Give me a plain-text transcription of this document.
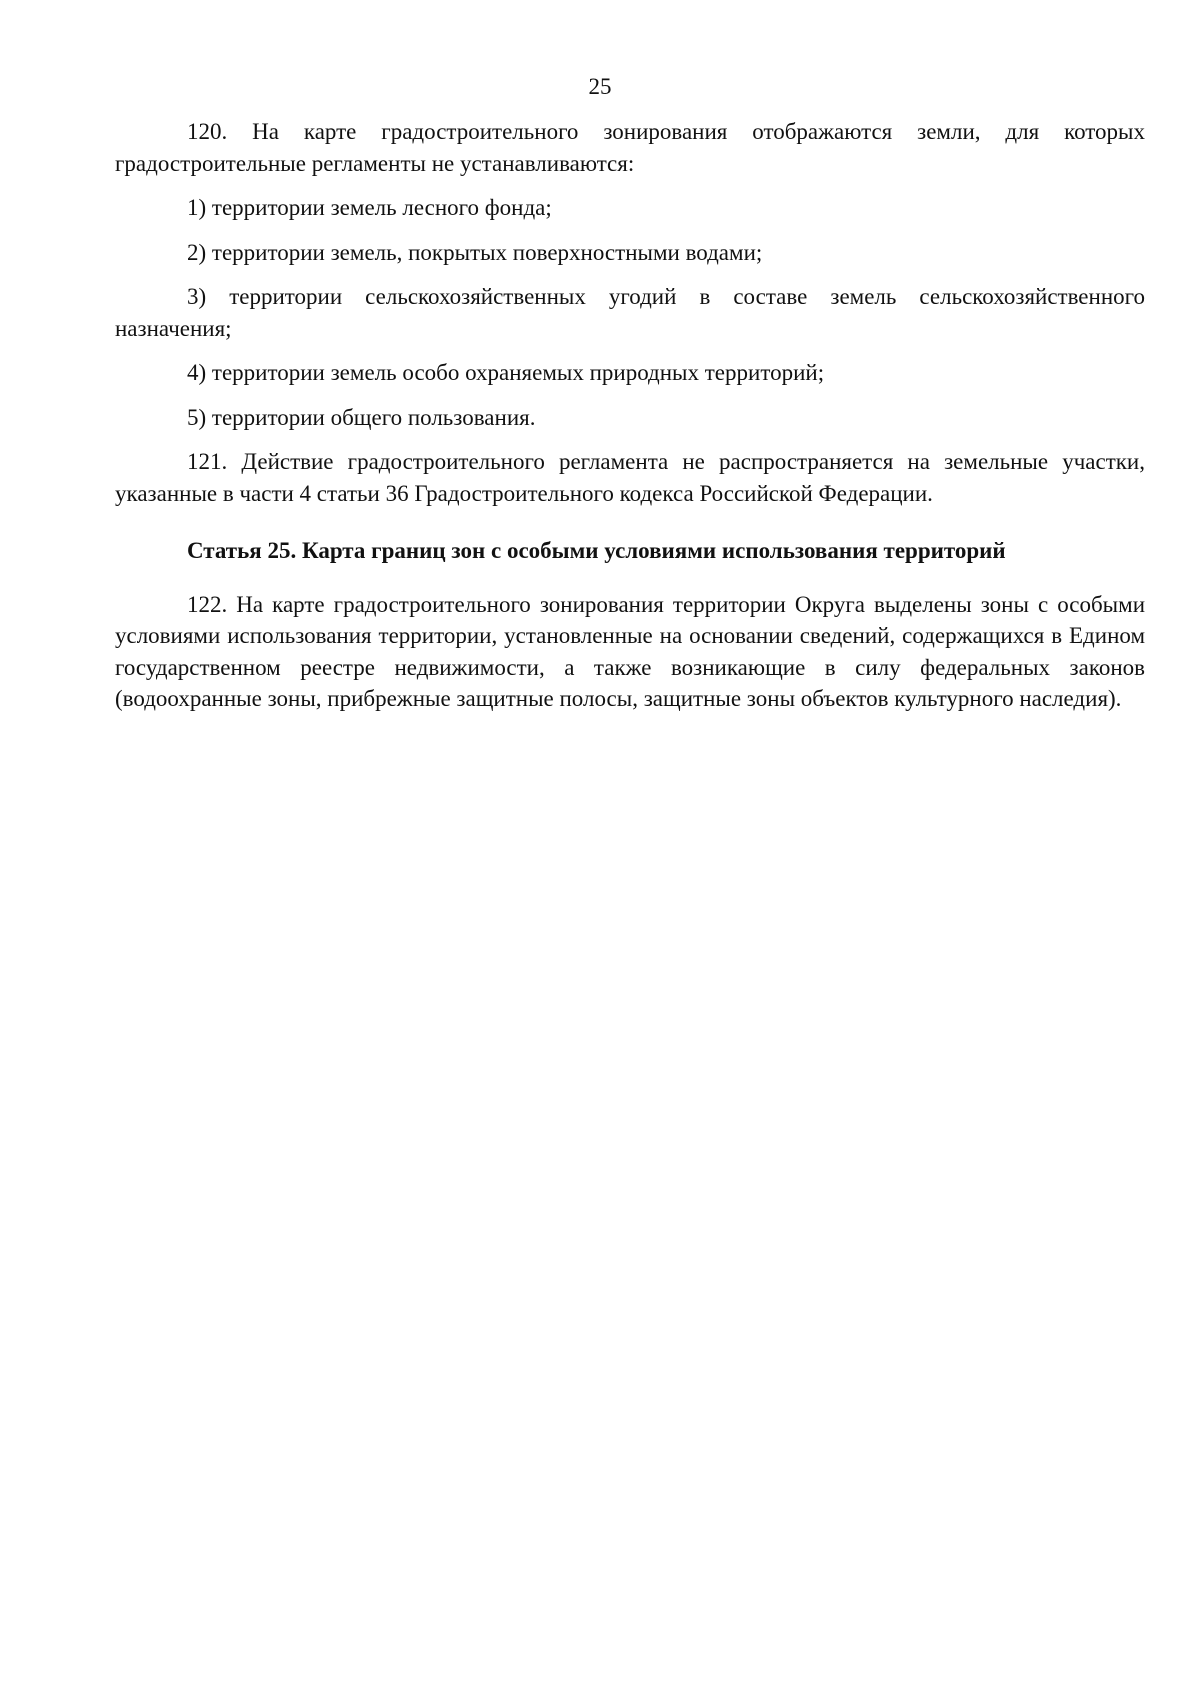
25

120. На карте градостроительного зонирования отображаются земли, для которых градостроительные регламенты не устанавливаются:

1) территории земель лесного фонда;

2) территории земель, покрытых поверхностными водами;

3) территории сельскохозяйственных угодий в составе земель сельскохозяйственного назначения;

4) территории земель особо охраняемых природных территорий;

5) территории общего пользования.

121. Действие градостроительного регламента не распространяется на земельные участки, указанные в части 4 статьи 36 Градостроительного кодекса Российской Федерации.

Статья 25. Карта границ зон с особыми условиями использования территорий

122. На карте градостроительного зонирования территории Округа выделены зоны с особыми условиями использования территории, установленные на основании сведений, содержащихся в Едином государственном реестре недвижимости, а также возникающие в силу федеральных законов (водоохранные зоны, прибрежные защитные полосы, защитные зоны объектов культурного наследия).
